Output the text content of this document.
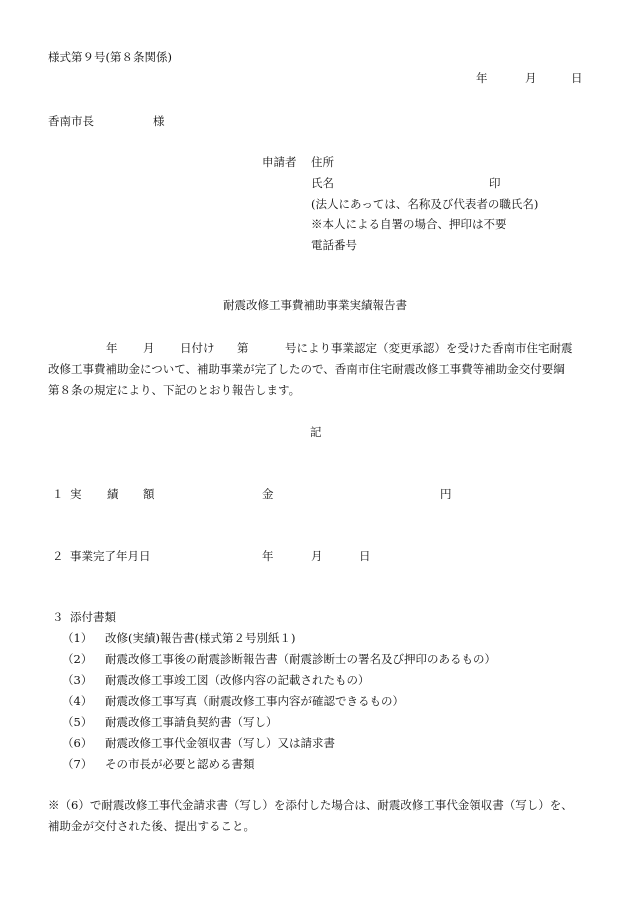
様式第９号(第８条関係)
年	月	日
香南市長	様
申請者 住所
氏名	印
(法人にあっては、名称及び代表者の職氏名)
※本人による自署の場合、押印は不要
電話番号
耐震改修工事費補助事業実績報告書
年 月 日付け 第	号により事業認定（変更承認）を受けた香南市住宅耐震
改修工事費補助金について、補助事業が完了したので、香南市住宅耐震改修工事費等補助金交付要綱
第８条の規定により、下記のとおり報告します。
記
１ 実 績 額	金	円
２ 事業完了年月日	年	月	日
３ 添付書類
（1） 改修(実績)報告書(様式第２号別紙１)
（2） 耐震改修工事後の耐震診断報告書（耐震診断士の署名及び押印のあるもの）
（3） 耐震改修工事竣工図（改修内容の記載されたもの）
（4） 耐震改修工事写真（耐震改修工事内容が確認できるもの）
（5） 耐震改修工事請負契約書（写し）
（6） 耐震改修工事代金領収書（写し）又は請求書
（7） その市長が必要と認める書類
※（6）で耐震改修工事代金請求書（写し）を添付した場合は、耐震改修工事代金領収書（写し）を、
補助金が交付された後、提出すること。
